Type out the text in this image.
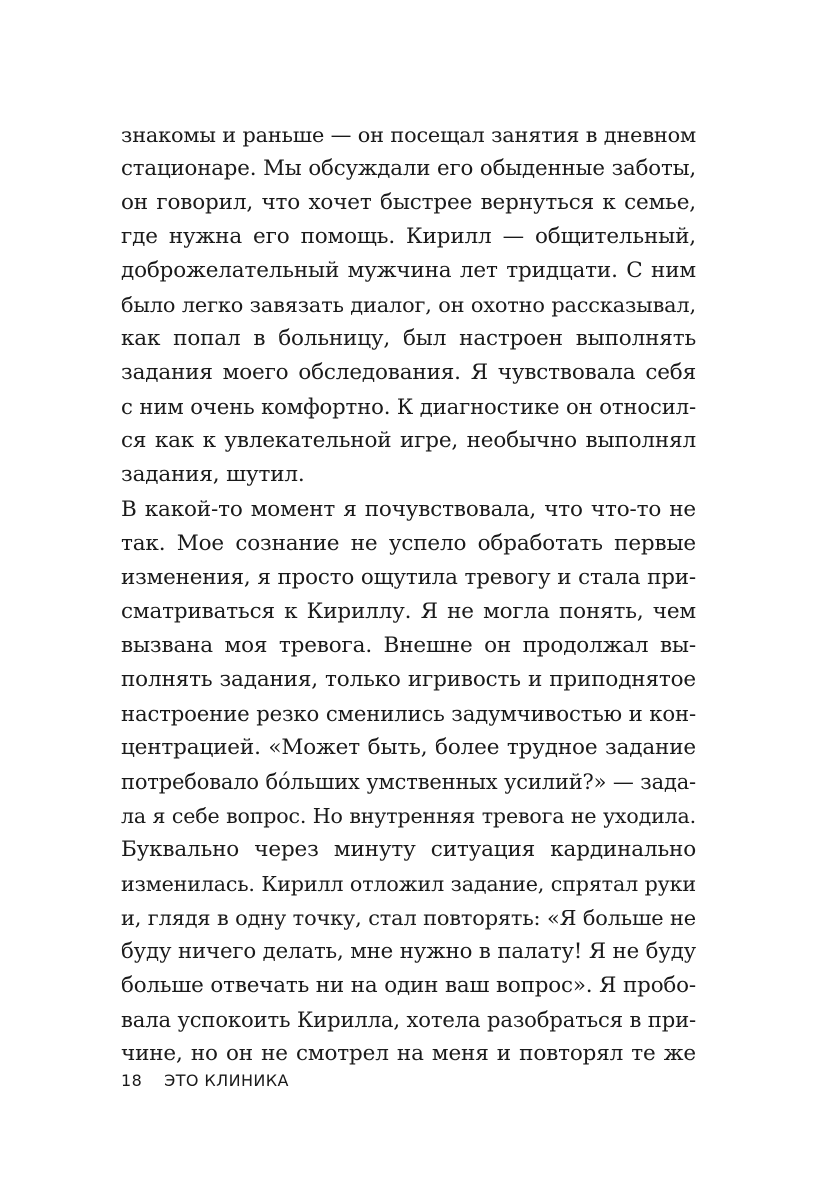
знакомы и раньше — он посещал занятия в дневном
стационаре. Мы обсуждали его обыденные заботы,
он говорил, что хочет быстрее вернуться к семье,
где нужна его помощь. Кирилл — общительный,
доброжелательный мужчина лет тридцати. С ним
было легко завязать диалог, он охотно рассказывал,
как попал в больницу, был настроен выполнять
задания моего обследования. Я чувствовала себя
с ним очень комфортно. К диагностике он относил-
ся как к увлекательной игре, необычно выполнял
задания, шутил.
В какой-то момент я почувствовала, что что-то не
так. Мое сознание не успело обработать первые
изменения, я просто ощутила тревогу и стала при-
сматриваться к Кириллу. Я не могла понять, чем
вызвана моя тревога. Внешне он продолжал вы-
полнять задания, только игривость и приподнятое
настроение резко сменились задумчивостью и кон-
центрацией. «Может быть, более трудное задание
потребовало бо́льших умственных усилий?» — зада-
ла я себе вопрос. Но внутренняя тревога не уходила.
Буквально через минуту ситуация кардинально
изменилась. Кирилл отложил задание, спрятал руки
и, глядя в одну точку, стал повторять: «Я больше не
буду ничего делать, мне нужно в палату! Я не буду
больше отвечать ни на один ваш вопрос». Я пробо-
вала успокоить Кирилла, хотела разобраться в при-
чине, но он не смотрел на меня и повторял те же
18 ЭТО КЛИНИКА
